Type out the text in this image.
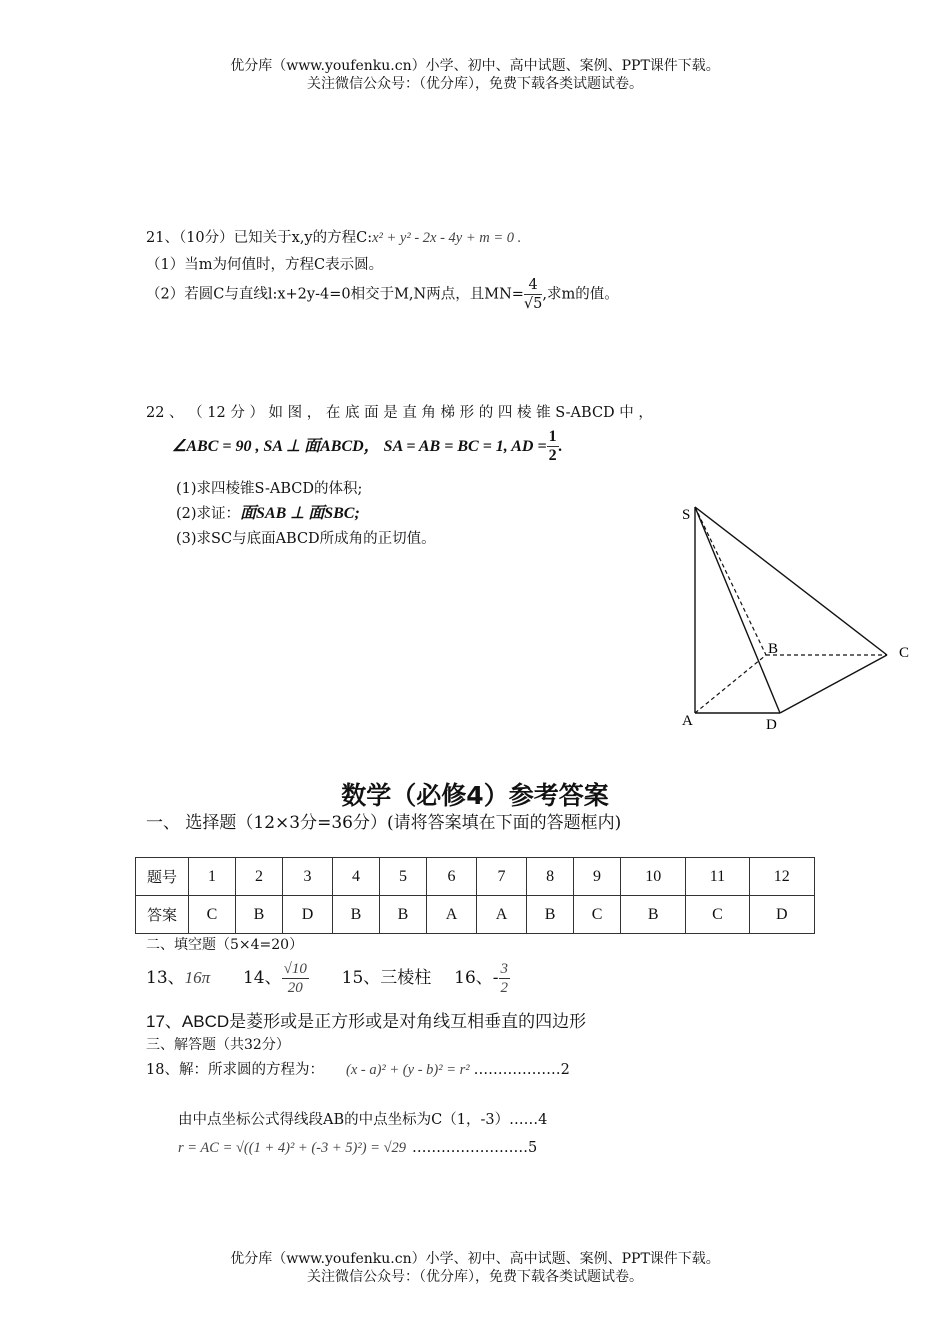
优分库（www.youfenku.cn）小学、初中、高中试题、案例、PPT课件下载。
关注微信公众号：（优分库），免费下载各类试题试卷。
21、（10分）已知关于x,y的方程C:x² + y² - 2x - 4y + m = 0 .
（1）当m为何值时，方程C表示圆。
（2）若圆C与直线l:x+2y-4=0相交于M,N两点，且$MN= \frac{4}{√5}$ ,求m的值。
22 、 （ 12 分 ） 如 图 ， 在 底 面 是 直 角 梯 形 的 四 棱 锥 S-ABCD 中 ，
∠ABC = 90 , SA ⊥ 面ABCD， SA = AB = BC = 1, AD = $\frac{1}{2}$ .
(1)求四棱锥S-ABCD的体积;
(2)求证：面SAB ⊥ 面SBC;
(3)求SC与底面ABCD所成角的正切值。
S
A
B	C
D
数学（必修4）参考答案
一、 选择题（12×3分=36分）(请将答案填在下面的答题框内)
题号	1	2	3	4	5	6	7	8	9	10	11	12
答案	C	B	D	B	B	A	A	B	C	B	C	D
二、填空题（5×4=20）
13、16π 14、 $\frac{√10}{20} 15$、三棱柱 16、- $\frac{3}{2}$
17、ABCD是菱形或是正方形或是对角线互相垂直的四边形
三、解答题（共32分）
18、解：所求圆的方程为： (x - a)² + (y - b)² = r² ………………2
由中点坐标公式得线段AB的中点坐标为C（1，-3）……4
r = AC = √((1 + 4)² + (-3 + 5)²) = √29 ……………………5
优分库（www.youfenku.cn）小学、初中、高中试题、案例、PPT课件下载。
关注微信公众号：（优分库），免费下载各类试题试卷。
